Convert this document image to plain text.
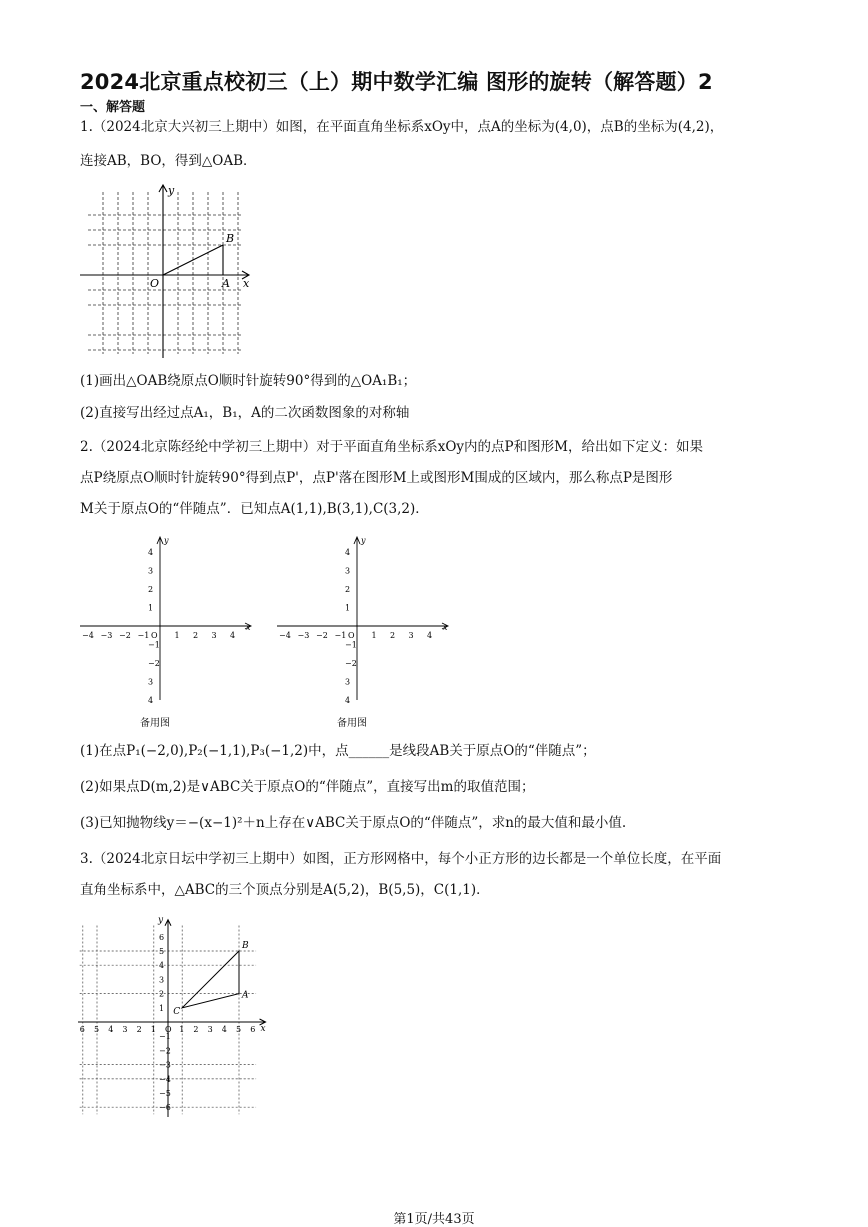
2024北京重点校初三（上）期中数学汇编 图形的旋转（解答题）2
一、解答题
1.（2024北京大兴初三上期中）如图，在平面直角坐标系xOy中，点A的坐标为(4,0)，点B的坐标为(4,2)，
连接AB，BO，得到△OAB．
y
x
O	A
B
(1)画出△OAB绕原点O顺时针旋转90°得到的△OA₁B₁；
(2)直接写出经过点A₁，B₁，A的二次函数图象的对称轴
2.（2024北京陈经纶中学初三上期中）对于平面直角坐标系xOy内的点P和图形M，给出如下定义：如果
点P绕原点O顺时针旋转90°得到点P'，点P'落在图形M上或图形M围成的区域内，那么称点P是图形
M关于原点O的“伴随点”．已知点A(1,1),B(3,1),C(3,2)．
−4 −3 −2 −1 O 1 2 3 4
4
3
2
1
−1
−2
3
4
x
y
备用图
−4 −3 −2 −1 O 1 2 3 4
4
3
2
1
−1
−2
3
4
x
y
备用图
(1)在点P₁(−2,0),P₂(−1,1),P₃(−1,2)中，点______是线段AB关于原点O的“伴随点”；
(2)如果点D(m,2)是∨ABC关于原点O的“伴随点”，直接写出m的取值范围；
(3)已知抛物线y＝−(x−1)²＋n上存在∨ABC关于原点O的“伴随点”，求n的最大值和最小值.
3.（2024北京日坛中学初三上期中）如图，正方形网格中，每个小正方形的边长都是一个单位长度，在平面
直角坐标系中，△ABC的三个顶点分别是A(5,2)，B(5,5)，C(1,1)．
6 5 4 3 2 1 O 1 2 3 4 5 6
6
5
4
3
2
1
−1
−2
−3
−4
−5
−6
x
y
A
B
C
第1页/共43页
